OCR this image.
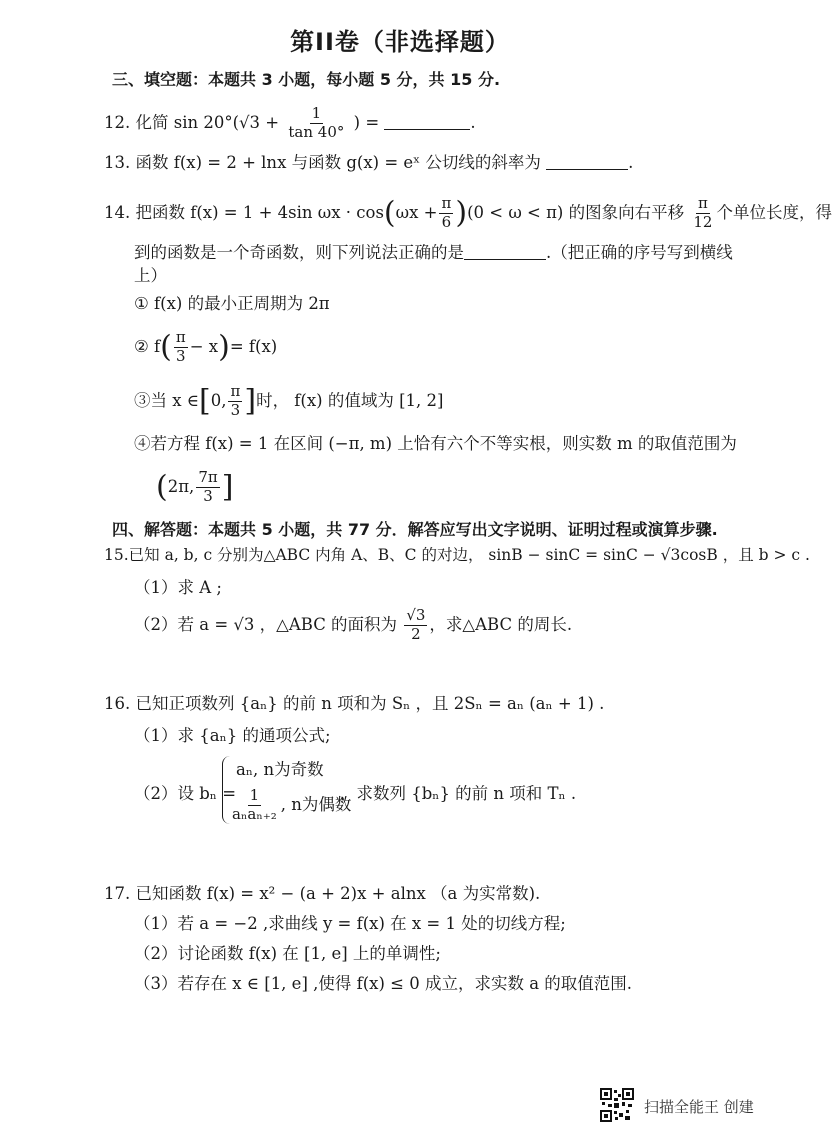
第II卷（非选择题）
三、填空题：本题共 3 小题，每小题 5 分，共 15 分.
12. 化简 $\sin 20^\circ(√3 + \frac{1}{\tan 40^\circ}$ ) =	.
13. 函数 f(x) = 2 + lnx 与函数 g(x) = eˣ 公切线的斜率为	.
14. 把函数 f(x) = 1 + 4sin $\omega x \cdot \cos(\omega x + \frac{\pi}{6} )(0 < \omega < \pi)$ 的图象向右平移 $\frac{\pi}{12}$ 个单位长度，得
到的函数是一个奇函数，则下列说法正确的是	.（把正确的序号写到横线
上）
① f(x) 的最小正周期为 2π
② $f( \frac{\pi}{3} - x)= f(x)$
③当 x ∈[0, $\frac{\pi}{3}$ ]时， f(x) 的值域为 [1, 2]
④若方程 f(x) = 1 在区间 (−π, m) 上恰有六个不等实根，则实数 m 的取值范围为
(2π, $\frac{7\pi}{3}$ ]
四、解答题：本题共 5 小题，共 77 分．解答应写出文字说明、证明过程或演算步骤.
15.已知 a, b, c 分别为△ABC 内角 A、B、C 的对边， sinB − sinC = sinC − √3cosB ，且 b > c .
（1）求 A ;
（2）若 a = √3 ，△ABC 的面积为 $\frac{√3}{2}$ ，求△ABC 的周长.
16. 已知正项数列 {aₙ} 的前 n 项和为 Sₙ ，且 2Sₙ = aₙ (aₙ + 1) .
（1）求 {aₙ} 的通项公式;
（2）设 bₙ =
aₙ, n为奇数
$\frac{1}{\text{aₙaₙ₊₂}}$ , n为偶数
，求数列 {bₙ} 的前 n 项和 Tₙ .
17. 已知函数 f(x) = x² − (a + 2)x + alnx （a 为实常数).
（1）若 a = −2 ,求曲线 y = f(x) 在 x = 1 处的切线方程;
（2）讨论函数 f(x) 在 [1, e] 上的单调性;
（3）若存在 x ∈ [1, e] ,使得 f(x) ≤ 0 成立，求实数 a 的取值范围.
扫描全能王 创建
